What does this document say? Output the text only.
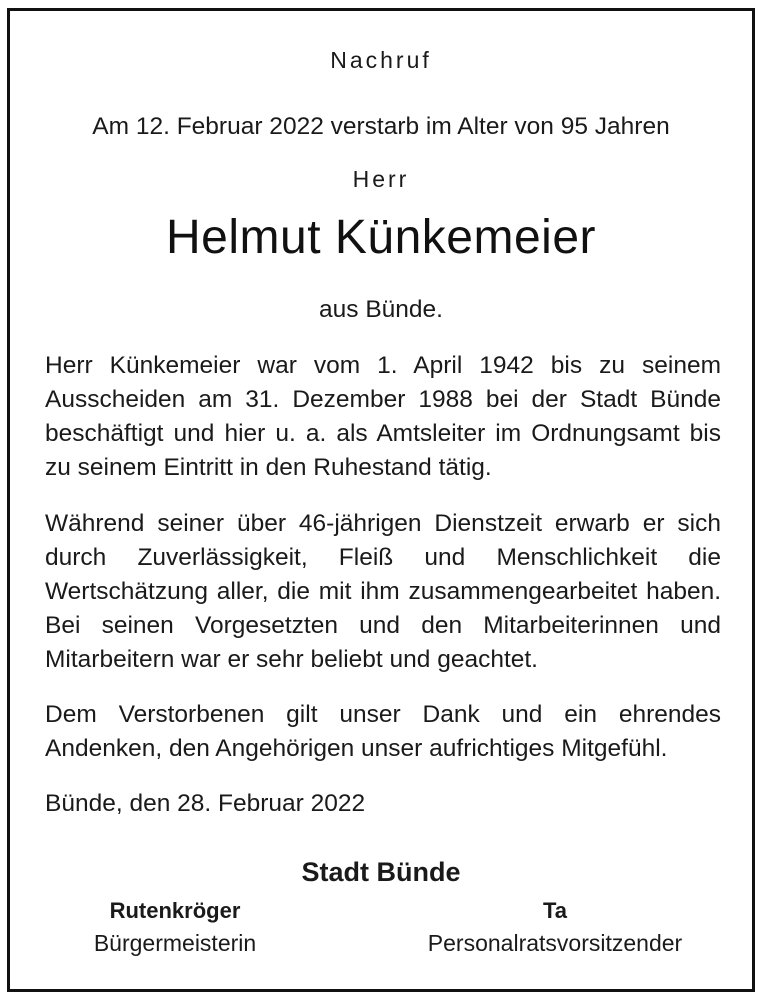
Nachruf
Am 12. Februar 2022 verstarb im Alter von 95 Jahren
Herr
Helmut Künkemeier
aus Bünde.
Herr Künkemeier war vom 1. April 1942 bis zu seinem Ausscheiden am 31. Dezember 1988 bei der Stadt Bünde beschäftigt und hier u. a. als Amtsleiter im Ordnungsamt bis zu seinem Eintritt in den Ruhestand tätig.
Während seiner über 46-jährigen Dienstzeit erwarb er sich durch Zuverlässigkeit, Fleiß und Menschlichkeit die Wertschätzung aller, die mit ihm zusammengearbeitet haben. Bei seinen Vorgesetzten und den Mitarbeiterinnen und Mitarbeitern war er sehr beliebt und geachtet.
Dem Verstorbenen gilt unser Dank und ein ehrendes Andenken, den Angehörigen unser aufrichtiges Mitgefühl.
Bünde, den 28. Februar 2022
Stadt Bünde
Rutenkröger
Bürgermeisterin
Ta
Personalratsvorsitzender
